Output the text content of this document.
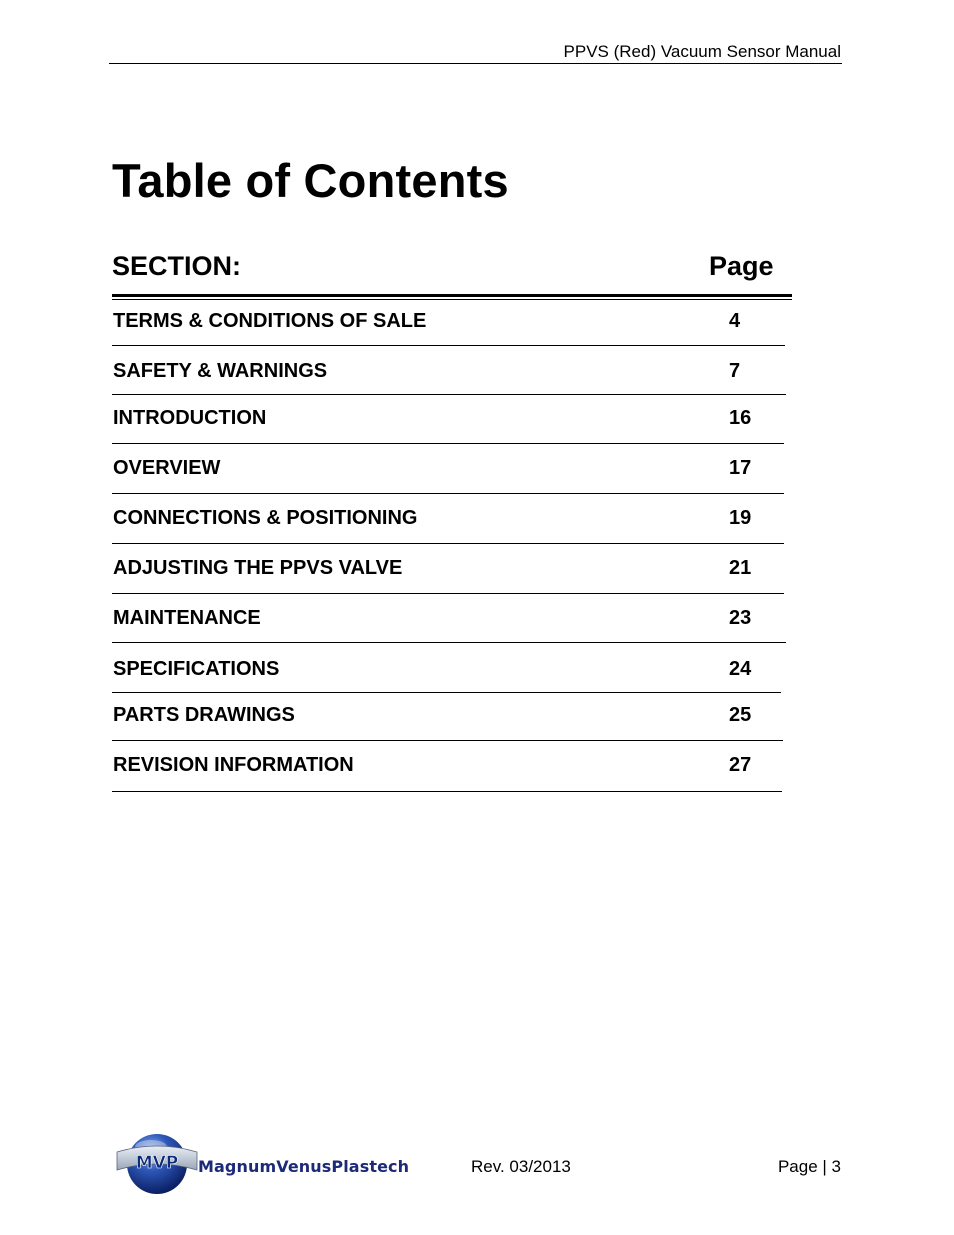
PPVS (Red) Vacuum Sensor Manual
Table of Contents
SECTION:	Page
TERMS & CONDITIONS OF SALE	4
SAFETY & WARNINGS	7
INTRODUCTION	16
OVERVIEW	17
CONNECTIONS & POSITIONING	19
ADJUSTING THE PPVS VALVE	21
MAINTENANCE	23
SPECIFICATIONS	24
PARTS DRAWINGS	25
REVISION INFORMATION	27
MVP MagnumVenusPlastech	Rev. 03/2013	Page | 3
